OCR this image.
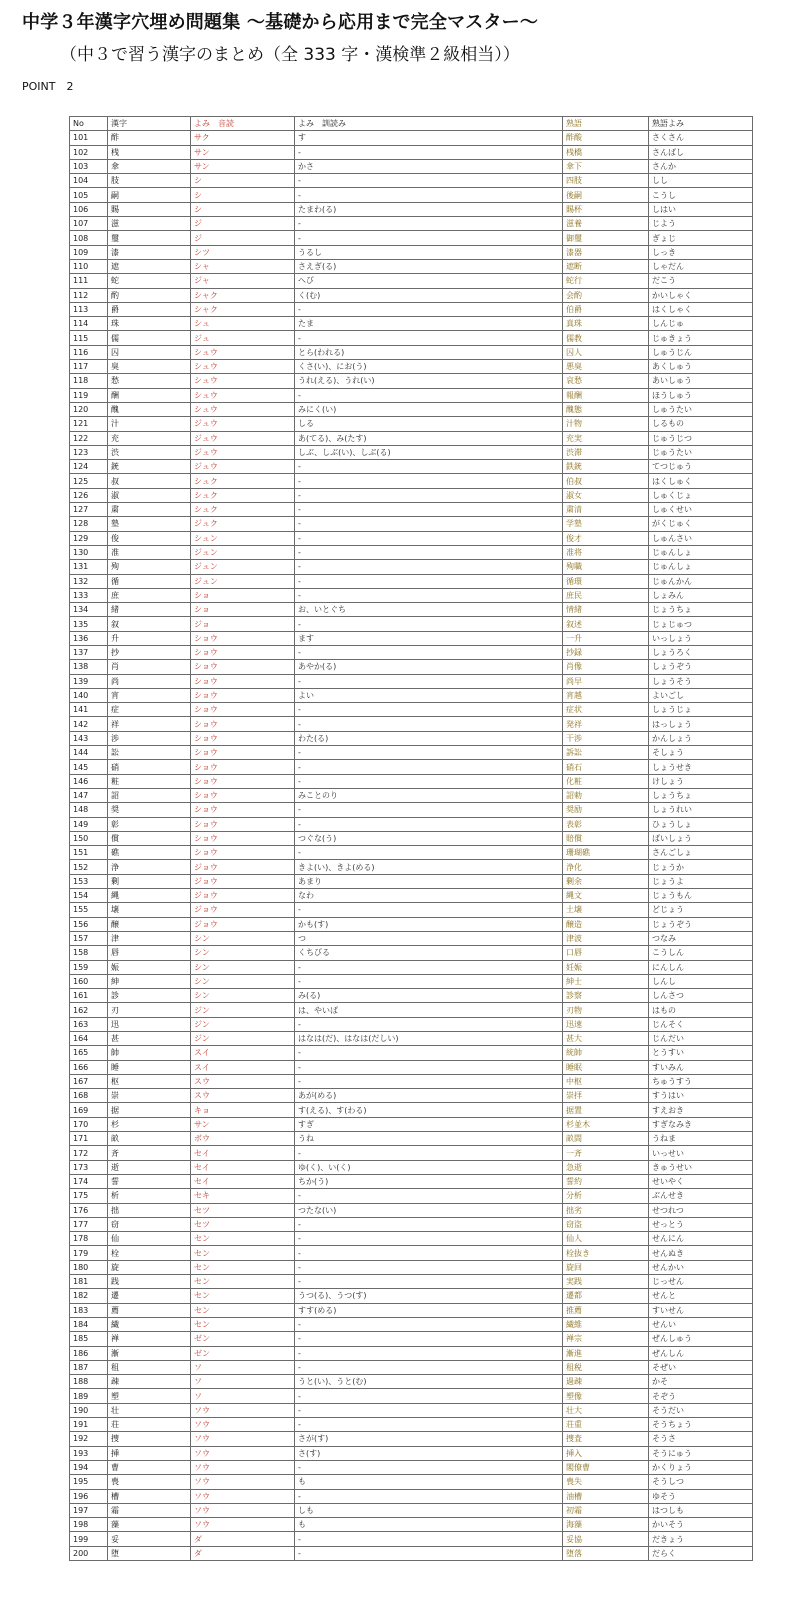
中学３年漢字穴埋め問題集 〜基礎から応用まで完全マスター〜
（中３で習う漢字のまとめ（全 333 字・漢検準２級相当））
POINT　2
No	漢字	よみ　音読	よみ　訓読み	熟語	熟語よみ
101	酢	サク	す	酢酸	さくさん
102	桟	サン	-	桟橋	さんばし
103	傘	サン	かさ	傘下	さんか
104	肢	シ	-	四肢	しし
105	嗣	シ	-	後嗣	こうし
106	賜	シ	たまわ(る)	賜杯	しはい
107	滋	ジ	-	滋養	じよう
108	璽	ジ	-	御璽	ぎょじ
109	漆	シツ	うるし	漆器	しっき
110	遮	シャ	さえぎ(る)	遮断	しゃだん
111	蛇	ジャ	へび	蛇行	だこう
112	酌	シャク	く(む)	会酌	かいしゃく
113	爵	シャク	-	伯爵	はくしゃく
114	珠	シュ	たま	真珠	しんじゅ
115	儒	ジュ	-	儒教	じゅきょう
116	囚	シュウ	とら(われる)	囚人	しゅうじん
117	臭	シュウ	くさ(い)、にお(う)	悪臭	あくしゅう
118	愁	シュウ	うれ(える)、うれ(い)	哀愁	あいしゅう
119	酬	シュウ	-	報酬	ほうしゅう
120	醜	シュウ	みにく(い)	醜態	しゅうたい
121	汁	ジュウ	しる	汁物	しるもの
122	充	ジュウ	あ(てる)、み(たす)	充実	じゅうじつ
123	渋	ジュウ	しぶ、しぶ(い)、しぶ(る)	渋滞	じゅうたい
124	銃	ジュウ	-	鉄銃	てつじゅう
125	叔	シュク	-	伯叔	はくしゅく
126	淑	シュク	-	淑女	しゅくじょ
127	粛	シュク	-	粛清	しゅくせい
128	塾	ジュク	-	学塾	がくじゅく
129	俊	シュン	-	俊才	しゅんさい
130	准	ジュン	-	准将	じゅんしょ
131	殉	ジュン	-	殉職	じゅんしょ
132	循	ジュン	-	循環	じゅんかん
133	庶	ショ	-	庶民	しょみん
134	緒	ショ	お、いとぐち	情緒	じょうちょ
135	叙	ジョ	-	叙述	じょじゅつ
136	升	ショウ	ます	一升	いっしょう
137	抄	ショウ	-	抄録	しょうろく
138	肖	ショウ	あやか(る)	肖像	しょうぞう
139	尚	ショウ	-	尚早	しょうそう
140	宵	ショウ	よい	宵越	よいごし
141	症	ショウ	-	症状	しょうじょ
142	祥	ショウ	-	発祥	はっしょう
143	渉	ショウ	わた(る)	干渉	かんしょう
144	訟	ショウ	-	訴訟	そしょう
145	硝	ショウ	-	硝石	しょうせき
146	粧	ショウ	-	化粧	けしょう
147	詔	ショウ	みことのり	詔勅	しょうちょ
148	奨	ショウ	-	奨励	しょうれい
149	彰	ショウ	-	表彰	ひょうしょ
150	償	ショウ	つぐな(う)	賠償	ばいしょう
151	礁	ショウ	-	珊瑚礁	さんごしょ
152	浄	ジョウ	きよ(い)、きよ(める)	浄化	じょうか
153	剰	ジョウ	あまり	剰余	じょうよ
154	縄	ジョウ	なわ	縄文	じょうもん
155	壌	ジョウ	-	土壌	どじょう
156	醸	ジョウ	かも(す)	醸造	じょうぞう
157	津	シン	つ	津波	つなみ
158	唇	シン	くちびる	口唇	こうしん
159	娠	シン	-	妊娠	にんしん
160	紳	シン	-	紳士	しんし
161	診	シン	み(る)	診察	しんさつ
162	刃	ジン	は、やいば	刃物	はもの
163	迅	ジン	-	迅速	じんそく
164	甚	ジン	はなは(だ)、はなは(だしい)	甚大	じんだい
165	帥	スイ	-	統帥	とうすい
166	睡	スイ	-	睡眠	すいみん
167	枢	スウ	-	中枢	ちゅうすう
168	崇	スウ	あが(める)	崇拝	すうはい
169	据	キョ	す(える)、す(わる)	据置	すえおき
170	杉	サン	すぎ	杉並木	すぎなみき
171	畝	ボウ	うね	畝間	うねま
172	斉	セイ	-	一斉	いっせい
173	逝	セイ	ゆ(く)、い(く)	急逝	きゅうせい
174	誓	セイ	ちか(う)	誓約	せいやく
175	析	セキ	-	分析	ぶんせき
176	拙	セツ	つたな(い)	拙劣	せつれつ
177	窃	セツ	-	窃盗	せっとう
178	仙	セン	-	仙人	せんにん
179	栓	セン	-	栓抜き	せんぬき
180	旋	セン	-	旋回	せんかい
181	践	セン	-	実践	じっせん
182	遷	セン	うつ(る)、うつ(す)	遷都	せんと
183	薦	セン	すす(める)	推薦	すいせん
184	繊	セン	-	繊維	せんい
185	禅	ゼン	-	禅宗	ぜんしゅう
186	漸	ゼン	-	漸進	ぜんしん
187	租	ソ	-	租税	そぜい
188	疎	ソ	うと(い)、うと(む)	過疎	かそ
189	塑	ソ	-	塑像	そぞう
190	壮	ソウ	-	壮大	そうだい
191	荘	ソウ	-	荘重	そうちょう
192	捜	ソウ	さが(す)	捜査	そうさ
193	挿	ソウ	さ(す)	挿入	そうにゅう
194	曹	ソウ	-	閣僚曹	かくりょう
195	喪	ソウ	も	喪失	そうしつ
196	槽	ソウ	-	油槽	ゆそう
197	霜	ソウ	しも	初霜	はつしも
198	藻	ソウ	も	海藻	かいそう
199	妥	ダ	-	妥協	だきょう
200	堕	ダ	-	堕落	だらく
